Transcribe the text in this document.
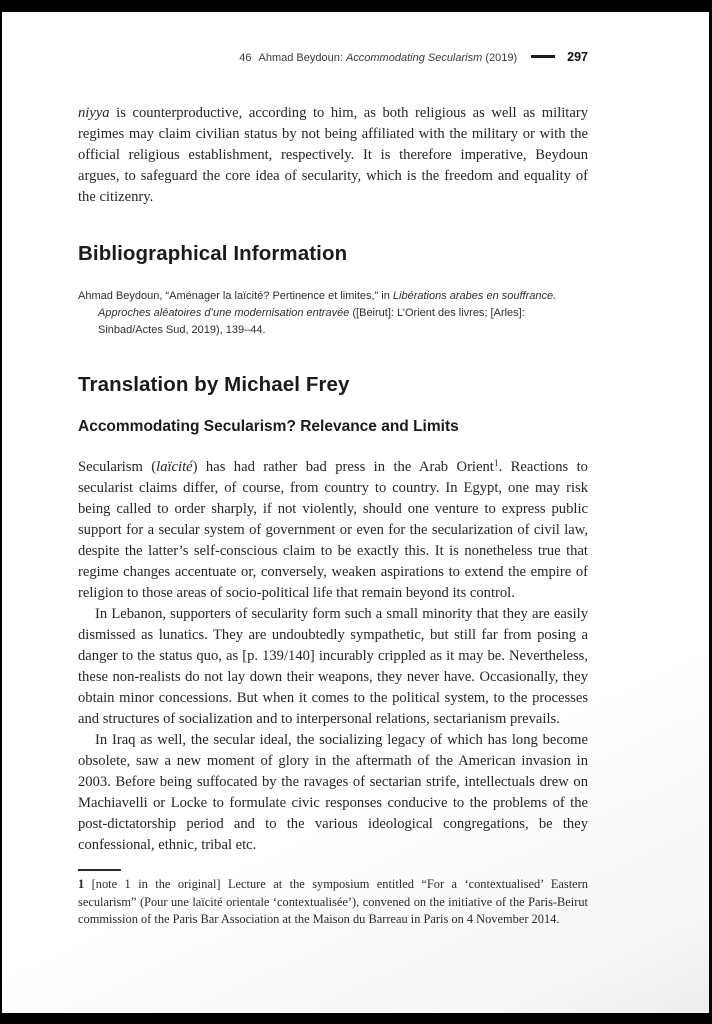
46 Ahmad Beydoun: Accommodating Secularism (2019)	297

niyya is counterproductive, according to him, as both religious as well as military regimes may claim civilian status by not being affiliated with the military or with the official religious establishment, respectively. It is therefore imperative, Beydoun argues, to safeguard the core idea of secularity, which is the freedom and equality of the citizenry.

Bibliographical Information

Ahmad Beydoun, “Aménager la laïcité? Pertinence et limites,” in Libérations arabes en souffrance. Approches aléatoires d’une modernisation entravée ([Beirut]: L’Orient des livres; [Arles]: Sinbad/Actes Sud, 2019), 139–44.

Translation by Michael Frey
Accommodating Secularism? Relevance and Limits

Secularism (laïcité) has had rather bad press in the Arab Orient$^1$. Reactions to secularist claims differ, of course, from country to country. In Egypt, one may risk being called to order sharply, if not violently, should one venture to express public support for a secular system of government or even for the secularization of civil law, despite the latter’s self-conscious claim to be exactly this. It is nonetheless true that regime changes accentuate or, conversely, weaken aspirations to extend the empire of religion to those areas of socio-political life that remain beyond its control.

In Lebanon, supporters of secularity form such a small minority that they are easily dismissed as lunatics. They are undoubtedly sympathetic, but still far from posing a danger to the status quo, as [p. 139/140] incurably crippled as it may be. Nevertheless, these non-realists do not lay down their weapons, they never have. Occasionally, they obtain minor concessions. But when it comes to the political system, to the processes and structures of socialization and to interpersonal relations, sectarianism prevails.

In Iraq as well, the secular ideal, the socializing legacy of which has long become obsolete, saw a new moment of glory in the aftermath of the American invasion in 2003. Before being suffocated by the ravages of sectarian strife, intellectuals drew on Machiavelli or Locke to formulate civic responses conducive to the problems of the post-dictatorship period and to the various ideological congregations, be they confessional, ethnic, tribal etc.

1 [note 1 in the original] Lecture at the symposium entitled “For a ‘contextualised’ Eastern secularism” (Pour une laïcité orientale ‘contextualisée’), convened on the initiative of the Paris-Beirut commission of the Paris Bar Association at the Maison du Barreau in Paris on 4 November 2014.
